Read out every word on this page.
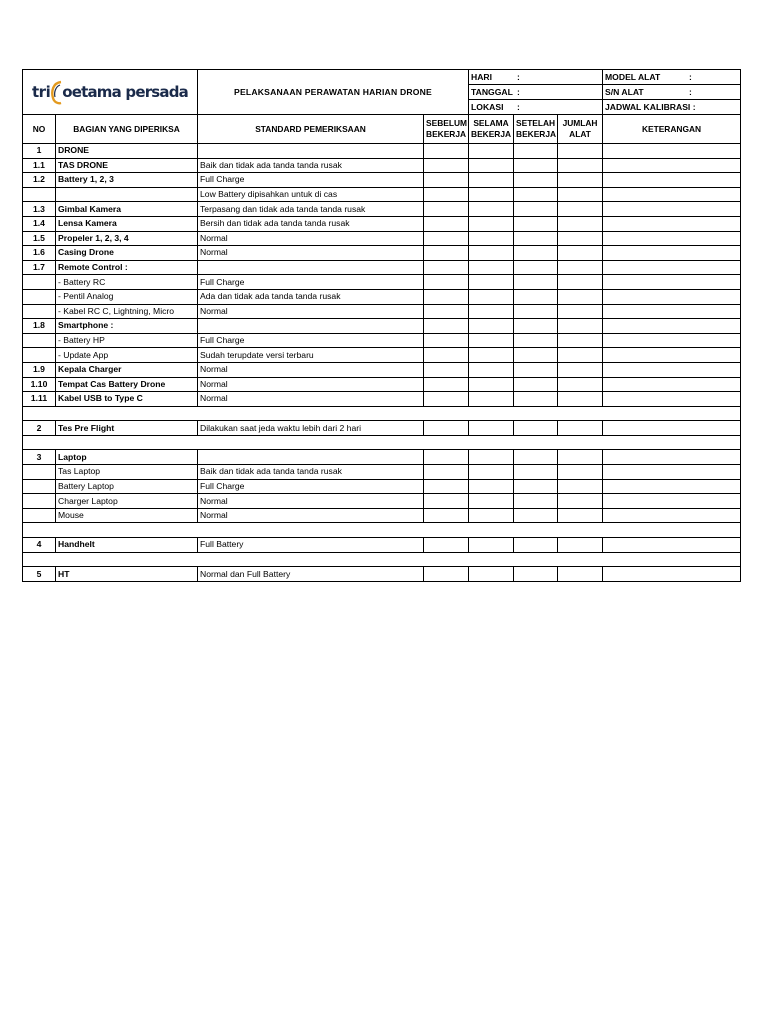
tri oetama persada		PELAKSANAAN PERAWATAN HARIAN DRONE		HARI :			MODEL ALAT :

				TANGGAL :			S/N ALAT :

				LOKASI :			JADWAL KALIBRASI :
NO	BAGIAN YANG DIPERIKSA	STANDARD PEMERIKSAAN	SEBELUM BEKERJA	SELAMA BEKERJA	SETELAH BEKERJA	JUMLAH ALAT	KETERANGAN
1	DRONE						
1.1	TAS DRONE	Baik dan tidak ada tanda tanda rusak					
1.2	Battery 1, 2, 3	Full Charge					
		Low Battery dipisahkan untuk di cas					
1.3	Gimbal Kamera	Terpasang dan tidak ada tanda tanda rusak					
1.4	Lensa Kamera	Bersih dan tidak ada tanda tanda rusak					
1.5	Propeler 1, 2, 3, 4	Normal					
1.6	Casing Drone	Normal					
1.7	Remote Control :						
	- Battery RC	Full Charge					
	- Pentil Analog	Ada dan tidak ada tanda tanda rusak					
	- Kabel RC C, Lightning, Micro	Normal					
1.8	Smartphone :						
	- Battery HP	Full Charge					
	- Update App	Sudah terupdate versi terbaru					
1.9	Kepala Charger	Normal					
1.10	Tempat Cas Battery Drone	Normal					
1.11	Kabel USB to Type C	Normal					

2	Tes Pre Flight	Dilakukan saat jeda waktu lebih dari 2 hari					

3	Laptop						
	Tas Laptop	Baik dan tidak ada tanda tanda rusak					
	Battery Laptop	Full Charge					
	Charger Laptop	Normal					
	Mouse	Normal					

4	Handhelt	Full Battery					

5	HT	Normal dan Full Battery					
